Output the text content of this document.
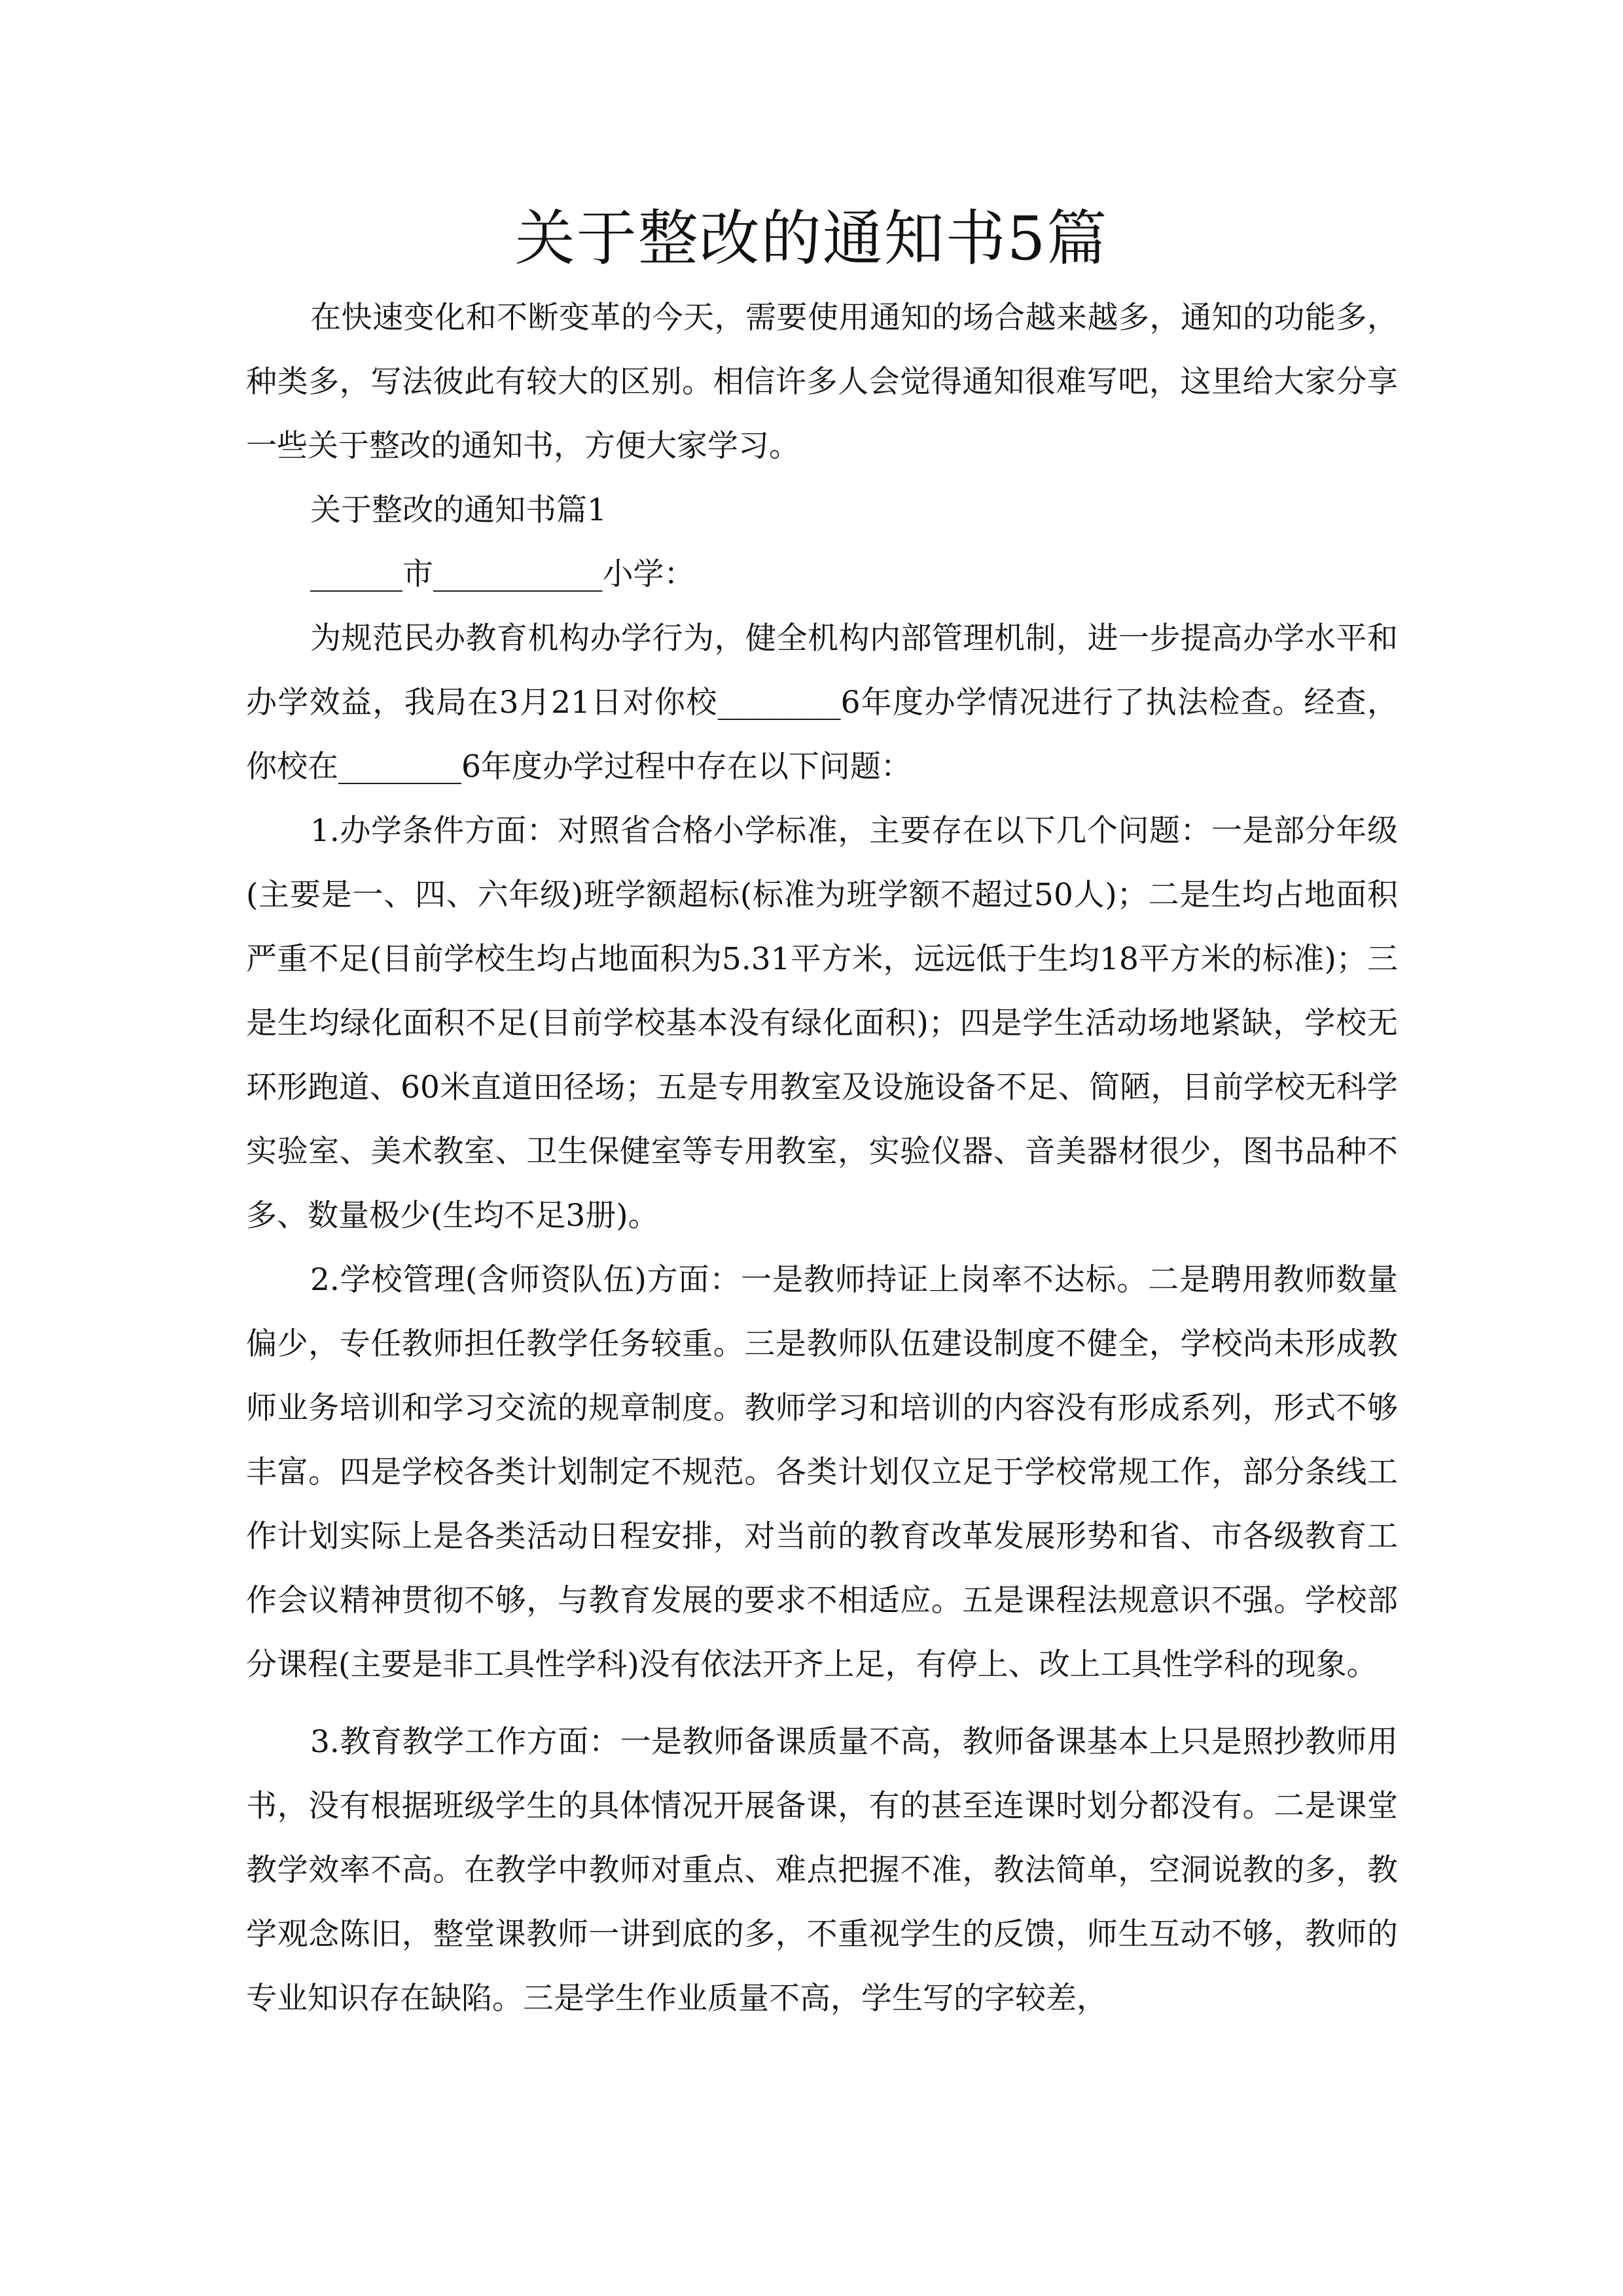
关于整改的通知书5篇

在快速变化和不断变革的今天，需要使用通知的场合越来越多，通知的功能多，种类多，写法彼此有较大的区别。相信许多人会觉得通知很难写吧，这里给大家分享一些关于整改的通知书，方便大家学习。

关于整改的通知书篇1

______市___________小学：

为规范民办教育机构办学行为，健全机构内部管理机制，进一步提高办学水平和办学效益，我局在3月21日对你校________6年度办学情况进行了执法检查。经查，你校在________6年度办学过程中存在以下问题：

1.办学条件方面：对照省合格小学标准，主要存在以下几个问题：一是部分年级(主要是一、四、六年级)班学额超标(标准为班学额不超过50人)；二是生均占地面积严重不足(目前学校生均占地面积为5.31平方米，远远低于生均18平方米的标准)；三是生均绿化面积不足(目前学校基本没有绿化面积)；四是学生活动场地紧缺，学校无环形跑道、60米直道田径场；五是专用教室及设施设备不足、简陋，目前学校无科学实验室、美术教室、卫生保健室等专用教室，实验仪器、音美器材很少，图书品种不多、数量极少(生均不足3册)。

2.学校管理(含师资队伍)方面：一是教师持证上岗率不达标。二是聘用教师数量偏少，专任教师担任教学任务较重。三是教师队伍建设制度不健全，学校尚未形成教师业务培训和学习交流的规章制度。教师学习和培训的内容没有形成系列，形式不够丰富。四是学校各类计划制定不规范。各类计划仅立足于学校常规工作，部分条线工作计划实际上是各类活动日程安排，对当前的教育改革发展形势和省、市各级教育工作会议精神贯彻不够，与教育发展的要求不相适应。五是课程法规意识不强。学校部分课程(主要是非工具性学科)没有依法开齐上足，有停上、改上工具性学科的现象。

3.教育教学工作方面：一是教师备课质量不高，教师备课基本上只是照抄教师用书，没有根据班级学生的具体情况开展备课，有的甚至连课时划分都没有。二是课堂教学效率不高。在教学中教师对重点、难点把握不准，教法简单，空洞说教的多，教学观念陈旧，整堂课教师一讲到底的多，不重视学生的反馈，师生互动不够，教师的专业知识存在缺陷。三是学生作业质量不高，学生写的字较差，
